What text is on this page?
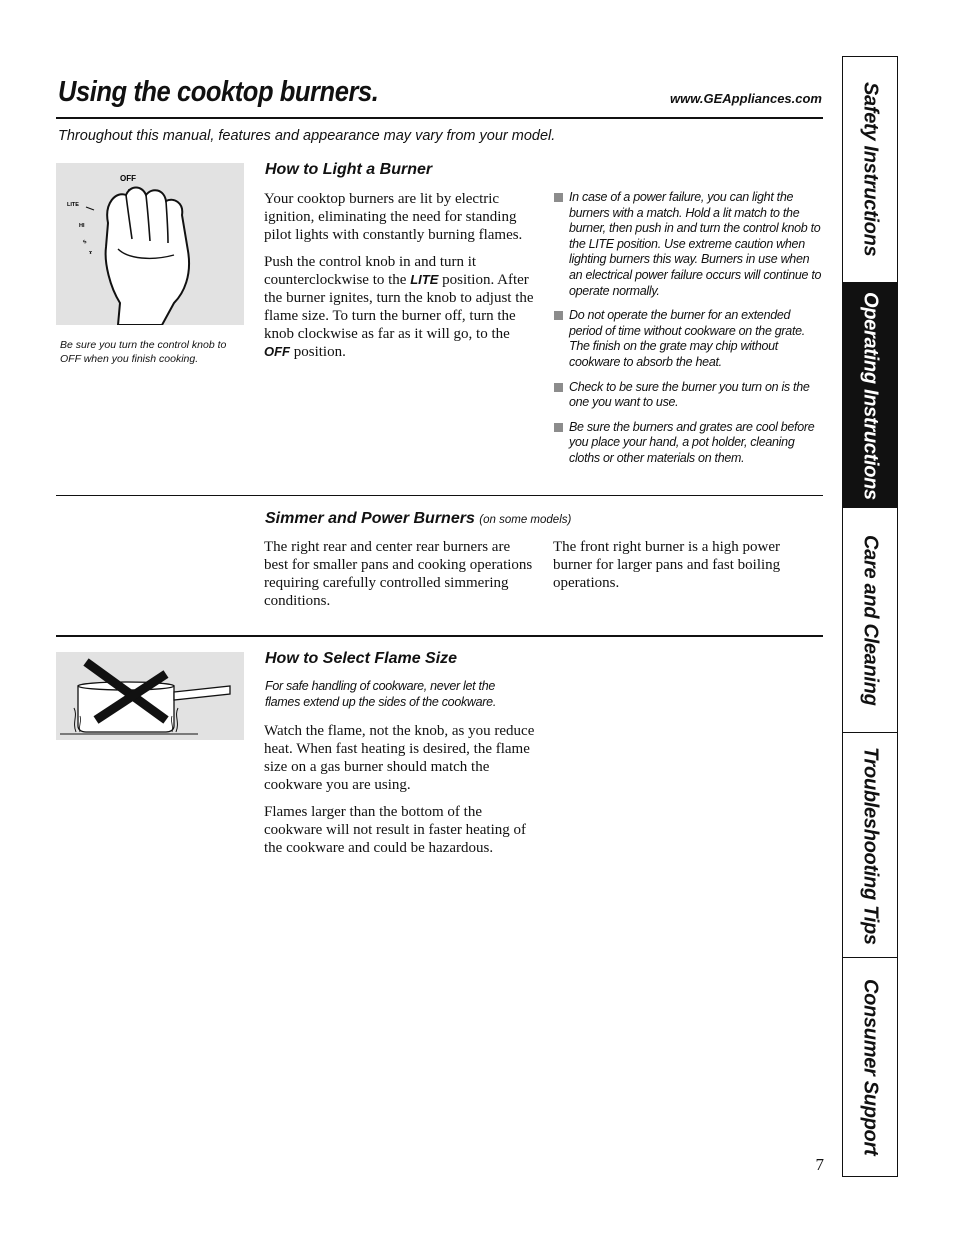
Using the cooktop burners.	www.GEAppliances.com
Throughout this manual, features and appearance may vary from your model.
OFF
LITE
HI
5
ɤ
Be sure you turn the control knob to OFF when you finish cooking.
How to Light a Burner

Your cooktop burners are lit by electric ignition, eliminating the need for standing pilot lights with constantly burning flames.

Push the control knob in and turn it counterclockwise to the LITE position. After the burner ignites, turn the knob to adjust the flame size. To turn the burner off, turn the knob clockwise as far as it will go, to the OFF position.

In case of a power failure, you can light the burners with a match. Hold a lit match to the burner, then push in and turn the control knob to the LITE position. Use extreme caution when lighting burners this way. Burners in use when an electrical power failure occurs will continue to operate normally.
Do not operate the burner for an extended period of time without cookware on the grate. The finish on the grate may chip without cookware to absorb the heat.
Check to be sure the burner you turn on is the one you want to use.
Be sure the burners and grates are cool before you place your hand, a pot holder, cleaning cloths or other materials on them.
Simmer and Power Burners (on some models)
The right rear and center rear burners are best for smaller pans and cooking operations requiring carefully controlled simmering conditions.
The front right burner is a high power burner for larger pans and fast boiling operations.
How to Select Flame Size
For safe handling of cookware, never let the flames extend up the sides of the cookware.

Watch the flame, not the knob, as you reduce heat. When fast heating is desired, the flame size on a gas burner should match the cookware you are using.

Flames larger than the bottom of the cookware will not result in faster heating of the cookware and could be hazardous.

Safety Instructions
Operating Instructions
Care and Cleaning
Troubleshooting Tips
Consumer Support
7
